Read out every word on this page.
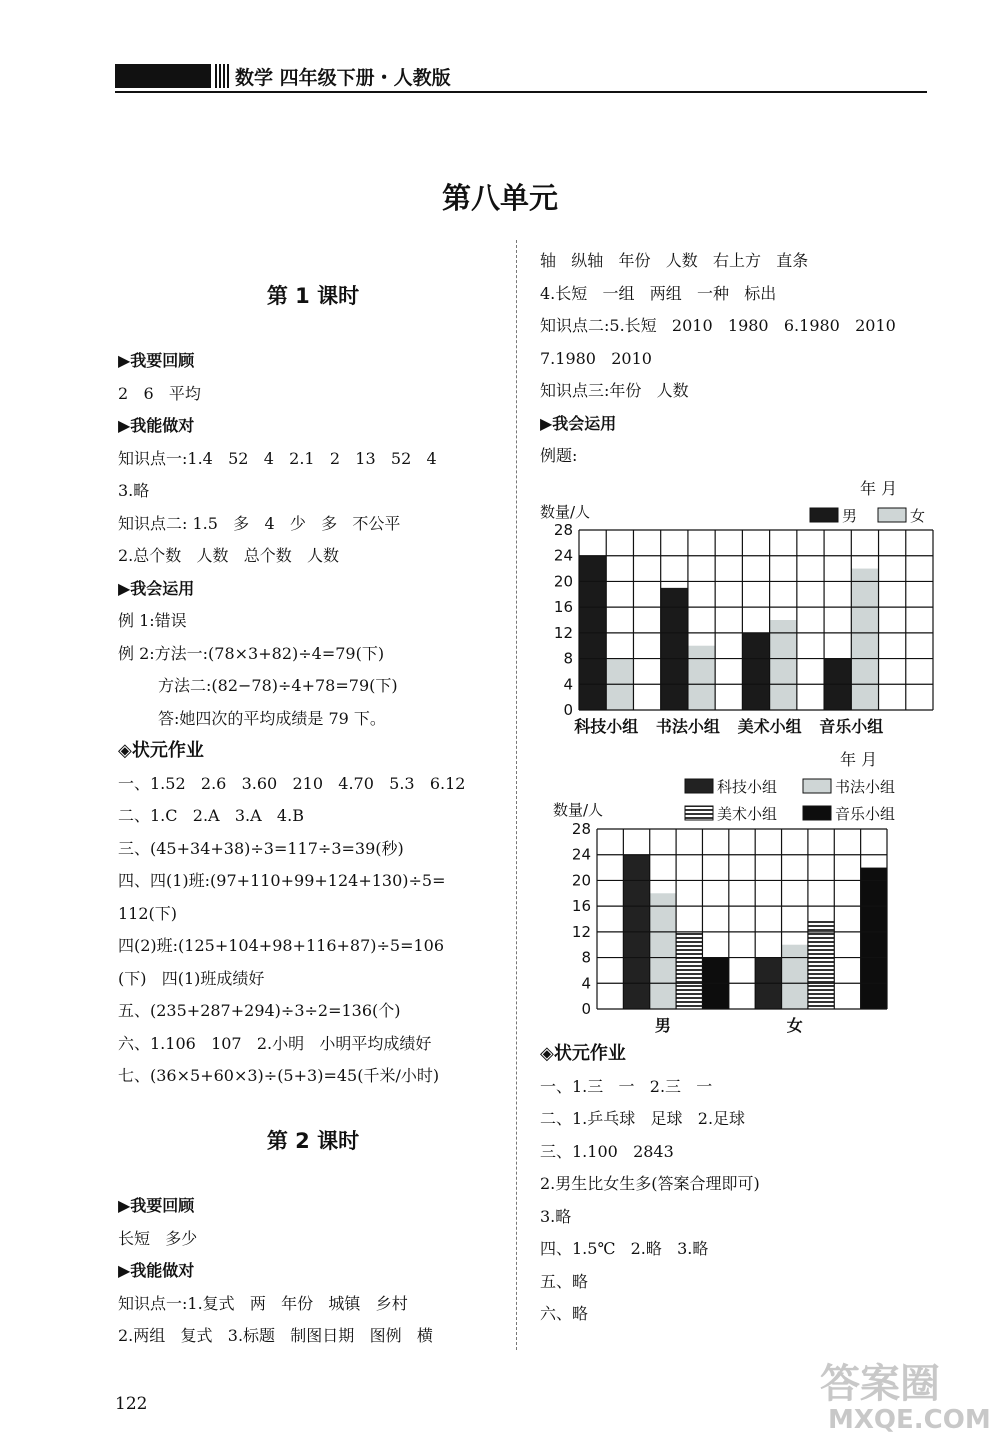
数学 四年级下册・人教版
第八单元
第 1 课时
▶我要回顾
2   6   平均
▶我能做对
知识点一:1.4   52   4   2.1   2   13   52   4
3.略
知识点二: 1.5   多   4   少   多   不公平
2.总个数   人数   总个数   人数
▶我会运用
例 1:错误
例 2:方法一:(78×3+82)÷4=79(下)
方法二:(82−78)÷4+78=79(下)
答:她四次的平均成绩是 79 下。
◈状元作业
一、1.52   2.6   3.60   210   4.70   5.3   6.12
二、1.C   2.A   3.A   4.B
三、(45+34+38)÷3=117÷3=39(秒)
四、四(1)班:(97+110+99+124+130)÷5=
112(下)
四(2)班:(125+104+98+116+87)÷5=106
(下)   四(1)班成绩好
五、(235+287+294)÷3÷2=136(个)
六、1.106   107   2.小明   小明平均成绩好
七、(36×5+60×3)÷(5+3)=45(千米/小时)
第 2 课时
▶我要回顾
长短   多少
▶我能做对
知识点一:1.复式   两   年份   城镇   乡村
2.两组   复式   3.标题   制图日期   图例   横
轴   纵轴   年份   人数   右上方   直条
4.长短   一组   两组   一种   标出
知识点二:5.长短   2010   1980   6.1980   2010
7.1980   2010
知识点三:年份   人数
▶我会运用
例题:
◈状元作业
一、1.三   一   2.三   一
二、1.乒乓球   足球   2.足球
三、1.100   2843
2.男生比女生多(答案合理即可)
3.略
四、1.5℃   2.略   3.略
五、略
六、略
年 月
数量/人	男	女
0
4
8
12
16
20
24
28
科技小组 书法小组 美术小组 音乐小组
年 月
数量/人
科技小组	书法小组
美术小组	音乐小组
0
4
8
12
16
20
24
28
男	女
122	答案圈
MXQE.COM
